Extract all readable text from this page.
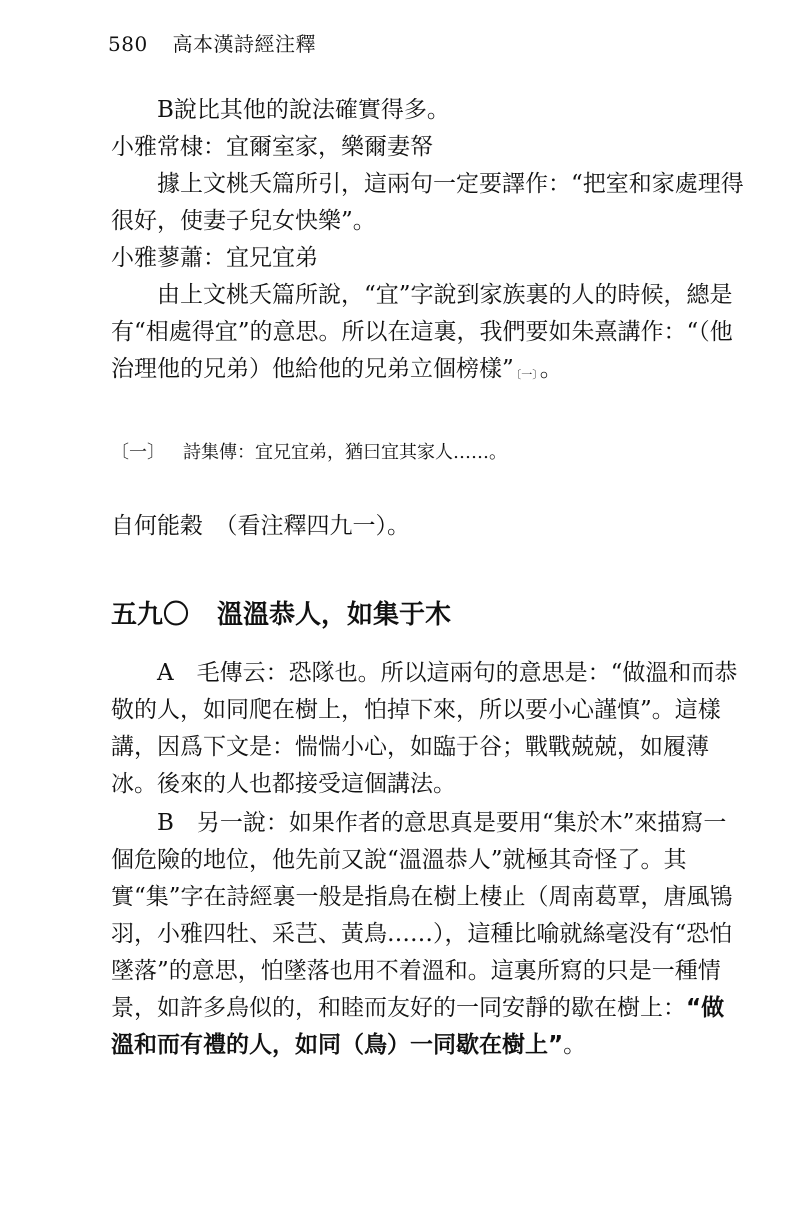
580 高本漢詩經注釋

B說比其他的說法確實得多。

小雅常棣：宜爾室家，樂爾妻帑

據上文桃夭篇所引，這兩句一定要譯作：“把室和家處理得很好，使妻子兒女快樂”。

小雅蓼蕭：宜兄宜弟

由上文桃夭篇所說，“宜”字說到家族裏的人的時候，總是有“相處得宜”的意思。所以在這裏，我們要如朱熹講作：“（他治理他的兄弟）他給他的兄弟立個榜樣” 〔一〕。

〔一〕 詩集傳：宜兄宜弟，猶曰宜其家人……。

自何能穀　（看注釋四九一）。

五九〇 溫溫恭人，如集于木

A　毛傳云：恐隊也。所以這兩句的意思是：“做溫和而恭敬的人，如同爬在樹上，怕掉下來，所以要小心謹慎”。這樣講，因爲下文是：惴惴小心，如臨于谷；戰戰兢兢，如履薄冰。後來的人也都接受這個講法。

B　另一說：如果作者的意思真是要用“集於木”來描寫一個危險的地位，他先前又說“溫溫恭人”就極其奇怪了。其實“集”字在詩經裏一般是指鳥在樹上棲止（周南葛覃，唐風鴇羽，小雅四牡、采芑、黃鳥……），這種比喻就絲毫没有“恐怕墜落”的意思，怕墜落也用不着溫和。這裏所寫的只是一種情景，如許多鳥似的，和睦而友好的一同安靜的歇在樹上：“做溫和而有禮的人，如同（鳥）一同歇在樹上”。
